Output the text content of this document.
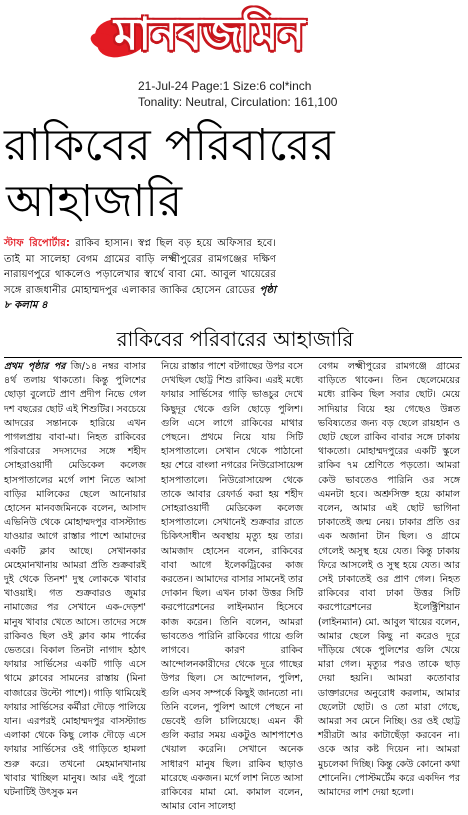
মানবজমিন
21-Jul-24 Page:1 Size:6 col*inch
Tonality: Neutral, Circulation: 161,100
রাকিবের পরিবারের
আহাজারি
স্টাফ রিপোর্টার: রাকিব হাসান। স্বপ্ন ছিল বড় হয়ে অফিসার হবে। তাই মা সালেহা বেগম গ্রামের বাড়ি লক্ষ্মীপুরের রামগঞ্জের দক্ষিণ নারায়ণপুরে থাকলেও পড়ালেখার স্বার্থে বাবা মো. আবুল খায়েরের সঙ্গে রাজধানীর মোহাম্মদপুর এলাকার জাকির হোসেন রোডের পৃষ্ঠা ৮ কলাম ৪
রাকিবের পরিবারের আহাজারি

প্রথম পৃষ্ঠার পর জি/১৪ নম্বর বাসার ৪র্থ তলায় থাকতো। কিন্তু পুলিশের ছোড়া বুলেটে প্রাণ প্রদীপ নিভে গেল দশ বছরের ছোট এই শিশুটির। সবচেয়ে আদরের সন্তানকে হারিয়ে এখন পাগলপ্রায় বাবা-মা। নিহত রাকিবের পরিবারের সদস্যদের সঙ্গে শহীদ সোহরাওয়ার্দী মেডিকেল কলেজ হাসপাতালের মর্গে লাশ নিতে আসা বাড়ির মালিকের ছেলে আনোয়ার হোসেন মানবজমিনকে বলেন, আসাদ এভিনিউ থেকে মোহাম্মদপুর বাসস্ট্যান্ড যাওয়ার আগে রাস্তার পাশে আমাদের একটি ক্লাব আছে। সেখানকার মেহেমানখানায় আমরা প্রতি শুক্রবারই দুই থেকে তিনশ' দুস্থ লোককে খাবার খাওয়াই। গত শুক্রবারও জুমার নামাজের পর সেখানে এক-দেড়শ' মানুষ খাবার খেতে আসে। তাদের সঙ্গে রাকিবও ছিল ওই ক্লাব কাম পার্কের ভেতরে। বিকাল তিনটা নাগাদ হঠাৎ ফায়ার সার্ভিসের একটি গাড়ি এসে থামে ক্লাবের সামনের রাস্তায় (মিনা বাজারের উল্টো পাশে)। গাড়ি থামিয়েই ফায়ার সার্ভিসের কর্মীরা দৌড়ে পালিয়ে যান। এরপরই মোহাম্মদপুর বাসস্ট্যান্ড এলাকা থেকে কিছু লোক দৌড়ে এসে ফায়ার সার্ভিসের ওই গাড়িতে হামলা শুরু করে। তখনো মেহমানখানায় খাবার খাচ্ছিল মানুষ। আর এই পুরো ঘটনাটিই উৎসুক মন

নিয়ে রাস্তার পাশে বটগাছের উপর বসে দেখছিল ছোট্ট শিশু রাকিব। এরই মধ্যে ফায়ার সার্ভিসের গাড়ি ভাঙচুর দেখে কিছুদূর থেকে গুলি ছোড়ে পুলিশ। গুলি এসে লাগে রাকিবের মাথার পেছনে। প্রথমে নিয়ে যায় সিটি হাসপাতালে। সেখান থেকে পাঠানো হয় শেরে বাংলা নগরের নিউরোসায়েন্স হাসপাতালে। নিউরোসায়েন্স থেকে তাকে আবার রেফার্ড করা হয় শহীদ সোহরাওয়ার্দী মেডিকেল কলেজ হাসপাতালে। সেখানেই শুক্রবার রাতে চিকিৎসাধীন অবস্থায় মৃত্যু হয় তার। আমজাদ হোসেন বলেন, রাকিবের বাবা আগে ইলেকট্রিকের কাজ করতেন। আমাদের বাসার সামনেই তার দোকান ছিল। এখন ঢাকা উত্তর সিটি করপোরেশনের লাইনম্যান হিসেবে কাজ করেন। তিনি বলেন, আমরা ভাবতেও পারিনি রাকিবের গায়ে গুলি লাগবে। কারণ রাকিব আন্দোলনকারীদের থেকে দূরে গাছের উপর ছিল। সে আন্দোলন, পুলিশ, গুলি এসব সম্পর্কে কিছুই জানতো না। তিনি বলেন, পুলিশ আগে পেছনে না ভেবেই গুলি চালিয়েছে। এমন কী গুলি করার সময় একটুও আশপাশেও খেয়াল করেনি। সেখানে অনেক সাধারণ মানুষ ছিল। রাকিব ছাড়াও মারেছে একজন। মর্গে লাশ নিতে আসা রাকিবের মামা মো. কামাল বলেন, আমার বোন সালেহা

বেগম লক্ষ্মীপুরের রামগঞ্জে গ্রামের বাড়িতে থাকেন। তিন ছেলেমেয়ের মধ্যে রাকিব ছিল সবার ছোট। মেয়ে সাদিয়ার বিয়ে হয় গেছেও উন্নত ভবিষ্যতের জন্য বড় ছেলে রায়হান ও ছোট ছেলে রাকিব বাবার সঙ্গে ঢাকায় থাকতো। মোহাম্মদপুরের একটি স্কুলে রাকিব ৭ম শ্রেণিতে পড়তো। আমরা কেউ ভাবতেও পারিনি ওর সঙ্গে এমনটা হবে। অশ্রুসিক্ত হয়ে কামাল বলেন, আমার এই ছোট ভাগিনা ঢাকাতেই জন্ম নেয়। ঢাকার প্রতি ওর এক অজানা টান ছিল। ও গ্রামে গেলেই অসুস্থ হয়ে যেত। কিন্তু ঢাকায় ফিরে আসলেই ও সুস্থ হয়ে যেত। আর সেই ঢাকাতেই ওর প্রাণ গেল। নিহত রাকিবের বাবা ঢাকা উত্তর সিটি করপোরেশনের ইলেক্ট্রিশিয়ান (লাইনম্যান) মো. আবুল খায়ের বলেন, আমার ছেলে কিছু না করেও দূরে দাঁড়িয়ে থেকে পুলিশের গুলি খেয়ে মারা গেল। মৃত্যুর পরও তাকে ছাড় দেয়া হয়নি। আমরা কতোবার ডাক্তারদের অনুরোধ করলাম, আমার ছেলেটা ছোট। ও তো মারা গেছে, আমরা সব মেনে নিচ্ছি। ওর ওই ছোট্ট শরীরটা আর কাটাছেঁড়া করবেন না। ওকে আর কষ্ট দিয়েন না। আমরা মুচলেকা দিচ্ছি। কিন্তু কেউ কোনো কথা শোনেনি। পোস্টমর্টেম করে একদিন পর আমাদের লাশ দেয়া হলো।
